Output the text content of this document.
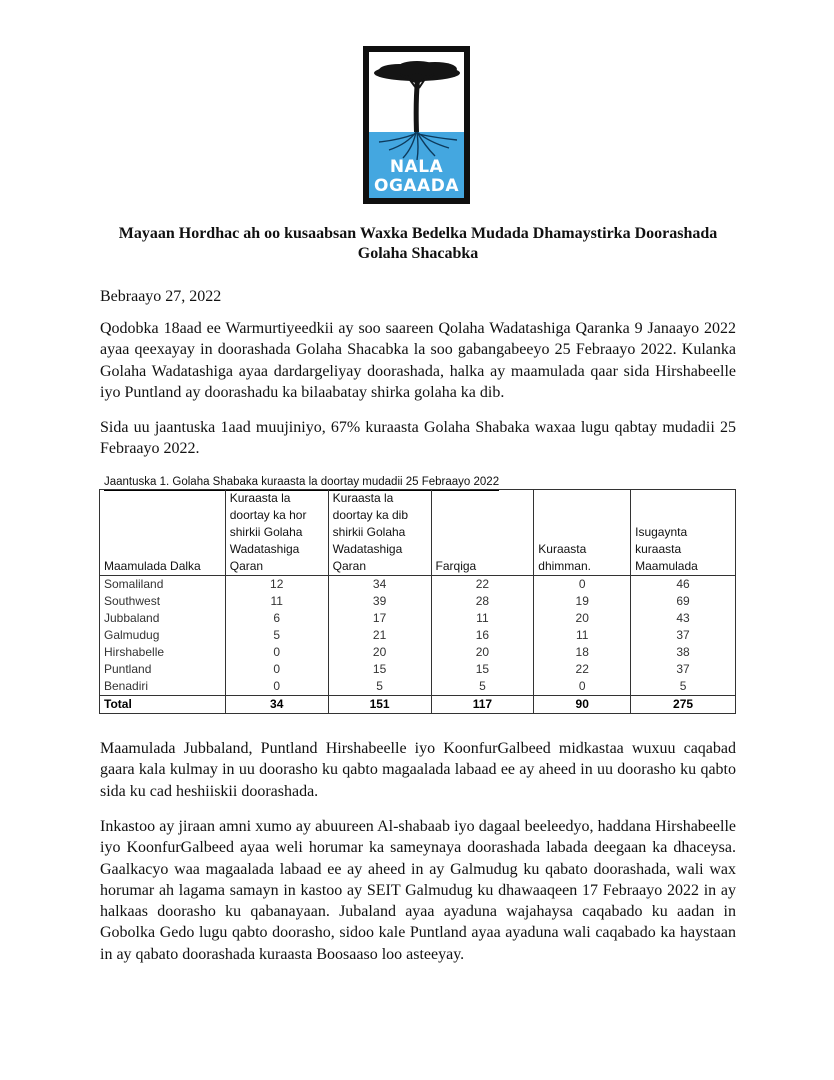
NALA
OGAADA
Mayaan Hordhac ah oo kusaabsan Waxka Bedelka Mudada Dhamaystirka Doorashada Golaha Shacabka

Bebraayo 27, 2022

Qodobka 18aad ee Warmurtiyeedkii ay soo saareen Qolaha Wadatashiga Qaranka 9 Janaayo 2022 ayaa qeexayay in doorashada Golaha Shacabka la soo gabangabeeyo 25 Febraayo 2022. Kulanka Golaha Wadatashiga ayaa dardargeliyay doorashada, halka ay maamulada qaar sida Hirshabeelle iyo Puntland ay doorashadu ka bilaabatay shirka golaha ka dib.

Sida uu jaantuska 1aad muujiniyo, 67% kuraasta Golaha Shabaka waxaa lugu qabtay mudadii 25 Febraayo 2022.

Jaantuska 1. Golaha Shabaka kuraasta la doortay mudadii 25 Febraayo 2022

Maamulada Dalka	Kuraasta la doortay ka hor shirkii Golaha Wadatashiga Qaran	Kuraasta la doortay ka dib shirkii Golaha Wadatashiga Qaran	Farqiga	Kuraasta dhimman.	Isugaynta kuraasta Maamulada
Somaliland	12	34	22	0	46
Southwest	11	39	28	19	69
Jubbaland	6	17	11	20	43
Galmudug	5	21	16	11	37
Hirshabelle	0	20	20	18	38
Puntland	0	15	15	22	37
Benadiri	0	5	5	0	5
Total	34	151	117	90	275

Maamulada Jubbaland, Puntland Hirshabeelle iyo KoonfurGalbeed midkastaa wuxuu caqabad gaara kala kulmay in uu doorasho ku qabto magaalada labaad ee ay aheed in uu doorasho ku qabto sida ku cad heshiiskii doorashada.

Inkastoo ay jiraan amni xumo ay abuureen Al-shabaab iyo dagaal beeleedyo, haddana Hirshabeelle iyo KoonfurGalbeed ayaa weli horumar ka sameynaya doorashada labada deegaan ka dhaceysa. Gaalkacyo waa magaalada labaad ee ay aheed in ay Galmudug ku qabato doorashada, wali wax horumar ah lagama samayn in kastoo ay SEIT Galmudug ku dhawaaqeen 17 Febraayo 2022 in ay halkaas doorasho ku qabanayaan. Jubaland ayaa ayaduna wajahaysa caqabado ku aadan in Gobolka Gedo lugu qabto doorasho, sidoo kale Puntland ayaa ayaduna wali caqabado ka haystaan in ay qabato doorashada kuraasta Boosaaso loo asteeyay.
